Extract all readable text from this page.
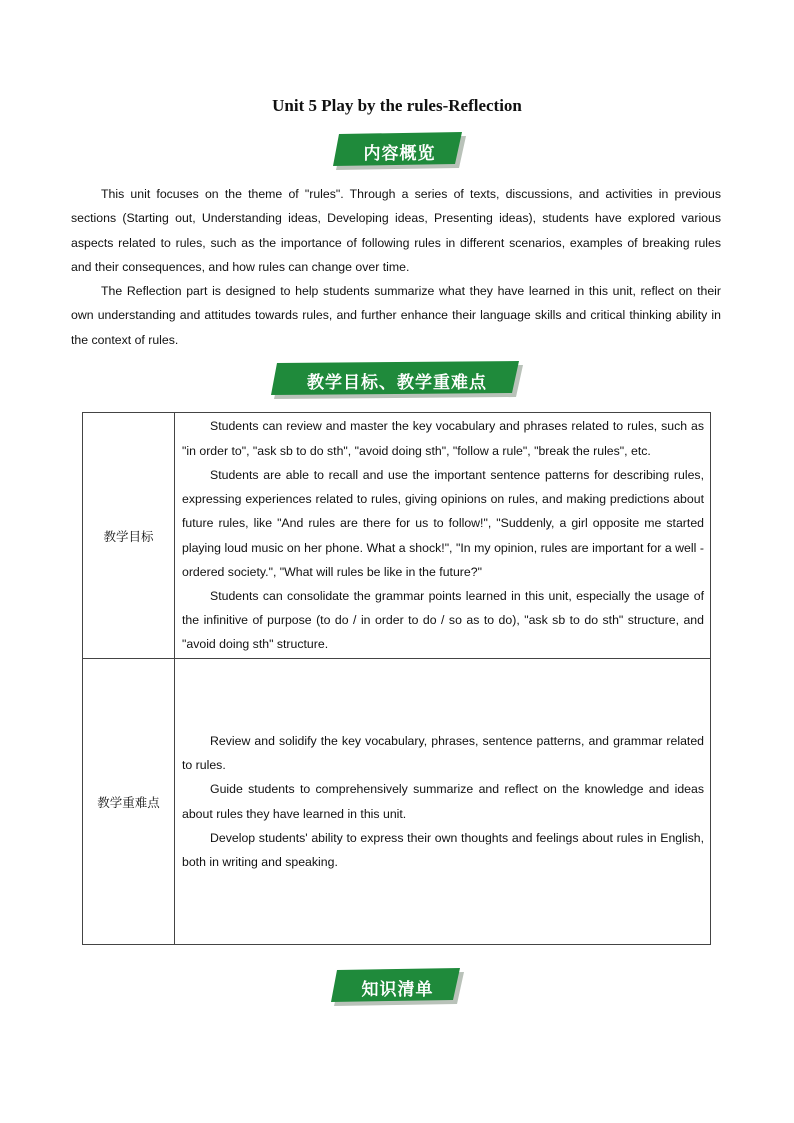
Unit 5 Play by the rules-Reflection
内容概览

This unit focuses on the theme of "rules". Through a series of texts, discussions, and activities in previous sections (Starting out, Understanding ideas, Developing ideas, Presenting ideas), students have explored various aspects related to rules, such as the importance of following rules in different scenarios, examples of breaking rules and their consequences, and how rules can change over time.

The Reflection part is designed to help students summarize what they have learned in this unit, reflect on their own understanding and attitudes towards rules, and further enhance their language skills and critical thinking ability in the context of rules.

教学目标、教学重难点
教学目标	Students can review and master the key vocabulary and phrases related to rules, such as "in order to", "ask sb to do sth", "avoid doing sth", "follow a rule", "break the rules", etc.

Students are able to recall and use the important sentence patterns for describing rules, expressing experiences related to rules, giving opinions on rules, and making predictions about future rules, like "And rules are there for us to follow!", "Suddenly, a girl opposite me started playing loud music on her phone. What a shock!", "In my opinion, rules are important for a well - ordered society.", "What will rules be like in the future?"

Students can consolidate the grammar points learned in this unit, especially the usage of the infinitive of purpose (to do / in order to do / so as to do), "ask sb to do sth" structure, and "avoid doing sth" structure.

教学重难点	Review and solidify the key vocabulary, phrases, sentence patterns, and grammar related to rules.

Guide students to comprehensively summarize and reflect on the knowledge and ideas about rules they have learned in this unit.

Develop students' ability to express their own thoughts and feelings about rules in English, both in writing and speaking.

知识清单
